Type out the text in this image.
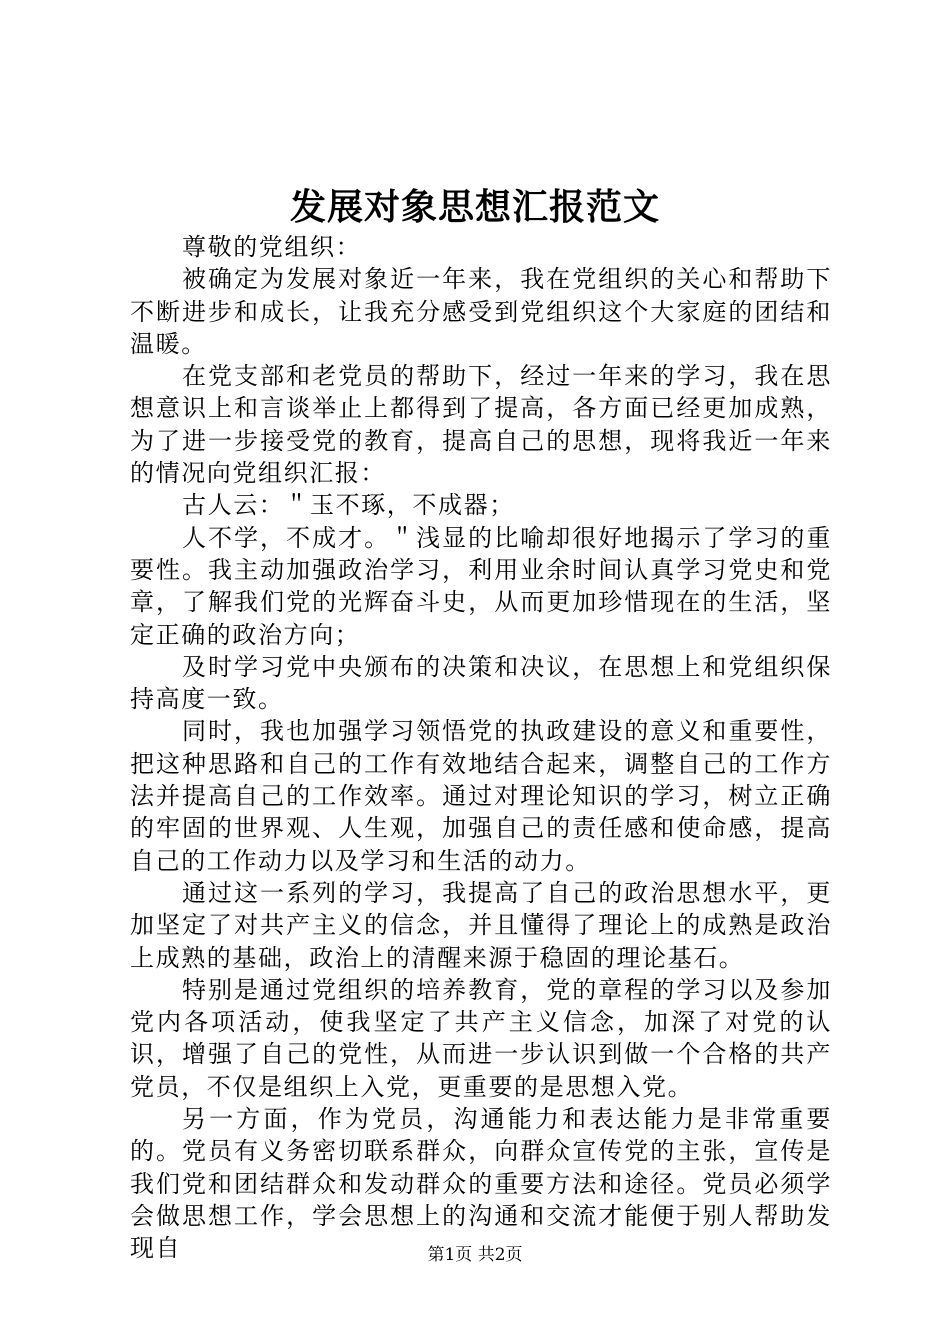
发展对象思想汇报范文

尊敬的党组织：

被确定为发展对象近一年来，我在党组织的关心和帮助下不断进步和成长，让我充分感受到党组织这个大家庭的团结和温暖。

在党支部和老党员的帮助下，经过一年来的学习，我在思想意识上和言谈举止上都得到了提高，各方面已经更加成熟，为了进一步接受党的教育，提高自己的思想，现将我近一年来的情况向党组织汇报：

古人云：＂玉不琢，不成器；

人不学，不成才。＂浅显的比喻却很好地揭示了学习的重要性。我主动加强政治学习，利用业余时间认真学习党史和党章，了解我们党的光辉奋斗史，从而更加珍惜现在的生活，坚定正确的政治方向；

及时学习党中央颁布的决策和决议，在思想上和党组织保持高度一致。

同时，我也加强学习领悟党的执政建设的意义和重要性，把这种思路和自己的工作有效地结合起来，调整自己的工作方法并提高自己的工作效率。通过对理论知识的学习，树立正确的牢固的世界观、人生观，加强自己的责任感和使命感，提高自己的工作动力以及学习和生活的动力。

通过这一系列的学习，我提高了自己的政治思想水平，更加坚定了对共产主义的信念，并且懂得了理论上的成熟是政治上成熟的基础，政治上的清醒来源于稳固的理论基石。

特别是通过党组织的培养教育，党的章程的学习以及参加党内各项活动，使我坚定了共产主义信念，加深了对党的认识，增强了自己的党性，从而进一步认识到做一个合格的共产党员，不仅是组织上入党，更重要的是思想入党。

另一方面，作为党员，沟通能力和表达能力是非常重要的。党员有义务密切联系群众，向群众宣传党的主张，宣传是我们党和团结群众和发动群众的重要方法和途径。党员必须学会做思想工作，学会思想上的沟通和交流才能便于别人帮助发现自	第1页 共2页
